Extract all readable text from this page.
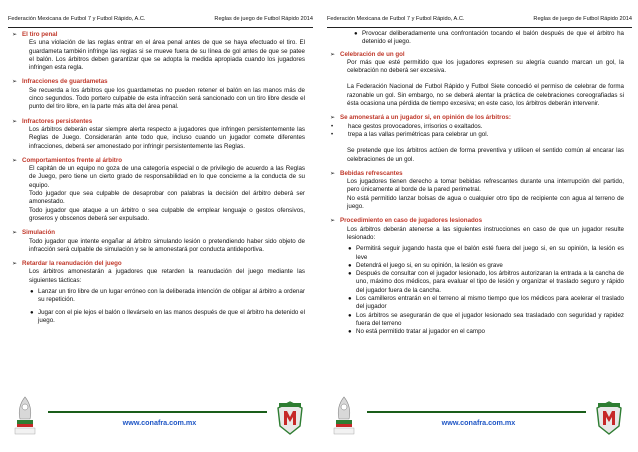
Federación Mexicana de Futbol 7 y Futbol Rápido, A.C.	Reglas de juego de Futbol Rápido 2014
➢ El tiro penal
Es una violación de las reglas entrar en el área penal antes de que se haya efectuado el tiro. El guardameta también infringe las reglas si se mueve fuera de su línea de gol antes de que se patee el balón. Los árbitros deben garantizar que se adopta la medida apropiada cuando los jugadores infringen esta regla.
➢ Infracciones de guardametas
Se recuerda a los árbitros que los guardametas no pueden retener el balón en las manos más de cinco segundos. Todo portero culpable de esta infracción será sancionado con un tiro libre desde el punto del tiro libre, en la parte más alta del área penal.
➢ Infractores persistentes
Los árbitros deberán estar siempre alerta respecto a jugadores que infringen persistentemente las Reglas de Juego. Considerarán ante todo que, incluso cuando un jugador comete diferentes infracciones, deberá ser amonestado por infringir persistentemente las Reglas.
➢ Comportamientos frente al árbitro
El capitán de un equipo no goza de una categoría especial o de privilegio de acuerdo a las Reglas de Juego, pero tiene un cierto grado de responsabilidad en lo que concierne a la conducta de su equipo.
Todo jugador que sea culpable de desaprobar con palabras la decisión del árbitro deberá ser amonestado.
Todo jugador que ataque a un árbitro o sea culpable de emplear lenguaje o gestos ofensivos, groseros y obscenos deberá ser expulsado.
➢ Simulación
Todo jugador que intente engañar al árbitro simulando lesión o pretendiendo haber sido objeto de infracción será culpable de simulación y se le amonestará por conducta antideportiva.
➢ Retardar la reanudación del juego
Los árbitros amonestarán a jugadores que retarden la reanudación del juego mediante las siguientes tácticas:
● Lanzar un tiro libre de un lugar erróneo con la deliberada intención de obligar al árbitro a ordenar su repetición.
● Jugar con el pie lejos el balón o llevárselo en las manos después de que el árbitro ha detenido el juego.
www.conafra.com.mx
Federación Mexicana de Futbol 7 y Futbol Rápido, A.C.	Reglas de juego de Futbol Rápido 2014
● Provocar deliberadamente una confrontación tocando el balón después de que el árbitro ha detenido el juego.
➢ Celebración de un gol
Por más que esté permitido que los jugadores expresen su alegría cuando marcan un gol, la celebración no deberá ser excesiva.
La Federación Nacional de Futbol Rápido y Futbol Siete concedió el permiso de celebrar de forma razonable un gol. Sin embargo, no se deberá alentar la práctica de celebraciones coreografiadas si ésta ocasiona una pérdida de tiempo excesiva; en este caso, los árbitros deberán intervenir.
➢ Se amonestará a un jugador si, en opinión de los árbitros:
• hace gestos provocadores, irrisorios o exaltados.
• trepa a las vallas perimétricas para celebrar un gol.
Se pretende que los árbitros actúen de forma preventiva y utilicen el sentido común al encarar las celebraciones de un gol.
➢ Bebidas refrescantes
Los jugadores tienen derecho a tomar bebidas refrescantes durante una interrupción del partido, pero únicamente al borde de la pared perimetral.
No está permitido lanzar bolsas de agua o cualquier otro tipo de recipiente con agua al terreno de juego.
➢ Procedimiento en caso de jugadores lesionados
Los árbitros deberán atenerse a las siguientes instrucciones en caso de que un jugador resulte lesionado:
● Permitirá seguir jugando hasta que el balón esté fuera del juego si, en su opinión, la lesión es leve
● Detendrá el juego si, en su opinión, la lesión es grave
● Después de consultar con el jugador lesionado, los árbitros autorizaran la entrada a la cancha de uno, máximo dos médicos, para evaluar el tipo de lesión y organizar el traslado seguro y rápido del jugador fuera de la cancha.
● Los camilleros entrarán en el terreno al mismo tiempo que los médicos para acelerar el traslado del jugador
● Los árbitros se asegurarán de que el jugador lesionado sea trasladado con seguridad y rapidez fuera del terreno
● No está permitido tratar al jugador en el campo
www.conafra.com.mx
